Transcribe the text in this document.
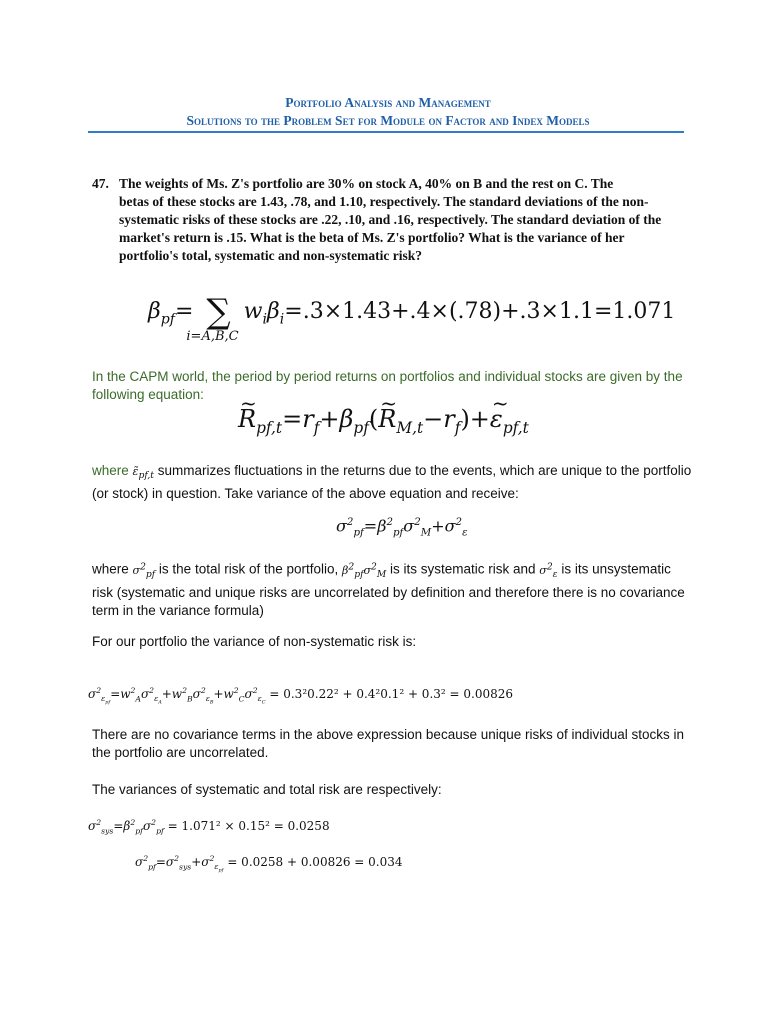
Portfolio Analysis and Management
Solutions to the Problem Set for Module on Factor and Index Models
47. The weights of Ms. Z's portfolio are 30% on stock A, 40% on B and the rest on C. The
betas of these stocks are 1.43, .78, and 1.10, respectively. The standard deviations of the non-systematic risks of these stocks are .22, .10, and .16, respectively. The standard deviation of the market's return is .15. What is the beta of Ms. Z's portfolio? What is the variance of her portfolio's total, systematic and non-systematic risk?
$\beta_{pf}=$ ∑
i=A,B,C
$w_i\beta_i=.3\times 1.43+.4\times(.78)+.3\times 1.1=1.071$
In the CAPM world, the period by period returns on portfolios and individual stocks are given by the following equation:
~ $R_{pf,t}=r_f+\beta_{pf}(\sim$ $R_{M,t}-r_f)+\sim$ $\varepsilon_{pf,t}$
where $\varepsiloñ_{pf,t}$ summarizes fluctuations in the returns due to the events, which are unique to the portfolio (or stock) in question. Take variance of the above equation and receive:
$\sigma^2_{pf}=\beta^2_{pf}\sigma^2_M+\sigma^2_\varepsilon$
where $\sigma^2_{pf}$ is the total risk of the portfolio, $\beta^2_{pf}\sigma^2_M$ is its systematic risk and $\sigma^2_\varepsilon$ is its unsystematic risk (systematic and unique risks are uncorrelated by definition and therefore there is no covariance term in the variance formula)
For our portfolio the variance of non-systematic risk is:
$\sigma^2_{\varepsilon_{pf}}=w^2_A\sigma^2_{\varepsilon_A}+w^2_B\sigma^2_{\varepsilon_B}+w^2_C\sigma^2_{\varepsilon_C} = 0.3^20.22^2 + 0.4^20.1^2 + 0.3^2 = 0.00826$
There are no covariance terms in the above expression because unique risks of individual stocks in the portfolio are uncorrelated.
The variances of systematic and total risk are respectively:
$\sigma^2_{sys}=\beta^2_{pf}\sigma^2_{pf} = 1.071^2 \times 0.15^2 = 0.0258$
$\sigma^2_{pf}=\sigma^2_{sys}+\sigma^2_{\varepsilon_{pf}} = 0.0258 + 0.00826 = 0.034$
